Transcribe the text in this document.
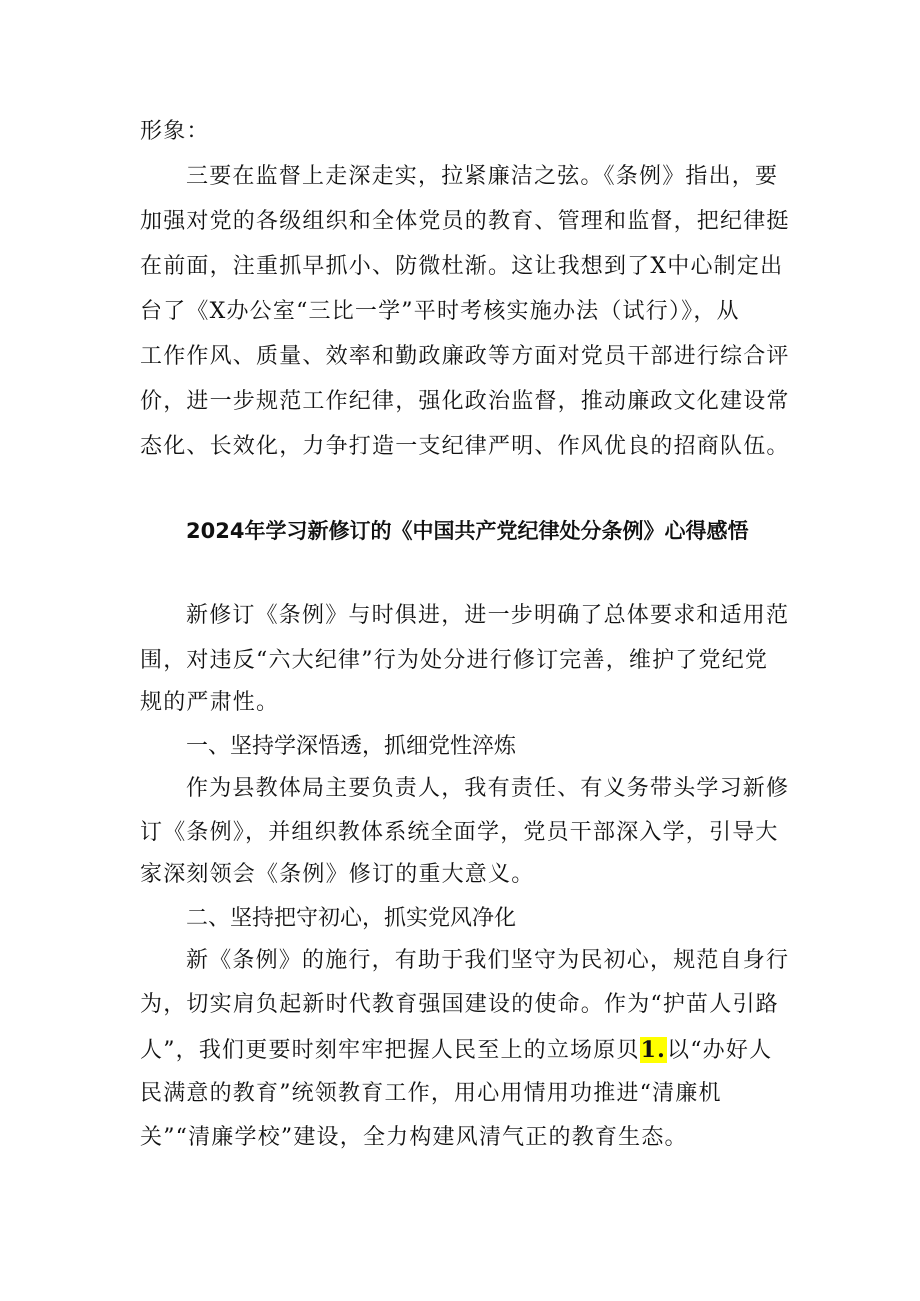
形象：
三要在监督上走深走实，拉紧廉洁之弦。《条例》指出，要
加强对党的各级组织和全体党员的教育、管理和监督，把纪律挺
在前面，注重抓早抓小、防微杜渐。这让我想到了X中心制定出
台了《X办公室“三比一学”平时考核实施办法（试行）》，从
工作作风、质量、效率和勤政廉政等方面对党员干部进行综合评
价，进一步规范工作纪律，强化政治监督，推动廉政文化建设常
态化、长效化，力争打造一支纪律严明、作风优良的招商队伍。
2024年学习新修订的《中国共产党纪律处分条例》心得感悟
新修订《条例》与时俱进，进一步明确了总体要求和适用范
围，对违反“六大纪律”行为处分进行修订完善，维护了党纪党
规的严肃性。
一、坚持学深悟透，抓细党性淬炼
作为县教体局主要负责人，我有责任、有义务带头学习新修
订《条例》，并组织教体系统全面学，党员干部深入学，引导大
家深刻领会《条例》修订的重大意义。
二、坚持把守初心，抓实党风净化
新《条例》的施行，有助于我们坚守为民初心，规范自身行
为，切实肩负起新时代教育强国建设的使命。作为“护苗人引路
人”，我们更要时刻牢牢把握人民至上的立场原贝1.以“办好人
民满意的教育”统领教育工作，用心用情用功推进“清廉机
关”“清廉学校”建设，全力构建风清气正的教育生态。
